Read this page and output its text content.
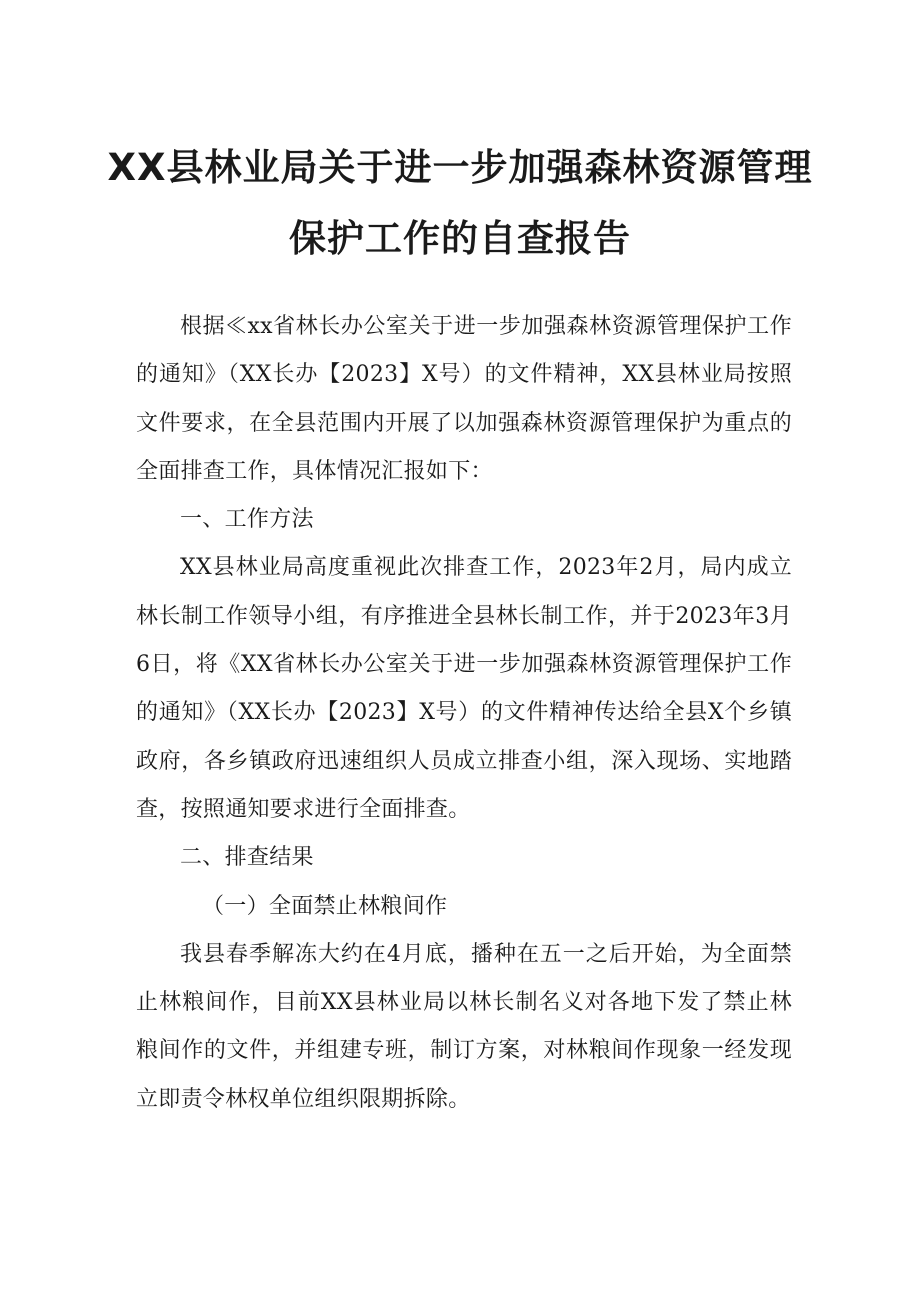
XX县林业局关于进一步加强森林资源管理
保护工作的自查报告

根据≪xx省林长办公室关于进一步加强森林资源管理保护工作的通知》（XX长办【2023】X号）的文件精神，XX县林业局按照文件要求，在全县范围内开展了以加强森林资源管理保护为重点的全面排查工作，具体情况汇报如下：

一、工作方法

XX县林业局高度重视此次排查工作，2023年2月，局内成立林长制工作领导小组，有序推进全县林长制工作，并于2023年3月6日，将《XX省林长办公室关于进一步加强森林资源管理保护工作的通知》（XX长办【2023】X号）的文件精神传达给全县X个乡镇政府，各乡镇政府迅速组织人员成立排查小组，深入现场、实地踏查，按照通知要求进行全面排查。

二、排查结果

（一）全面禁止林粮间作

我县春季解冻大约在4月底，播种在五一之后开始，为全面禁止林粮间作，目前XX县林业局以林长制名义对各地下发了禁止林粮间作的文件，并组建专班，制订方案，对林粮间作现象一经发现立即责令林权单位组织限期拆除。
